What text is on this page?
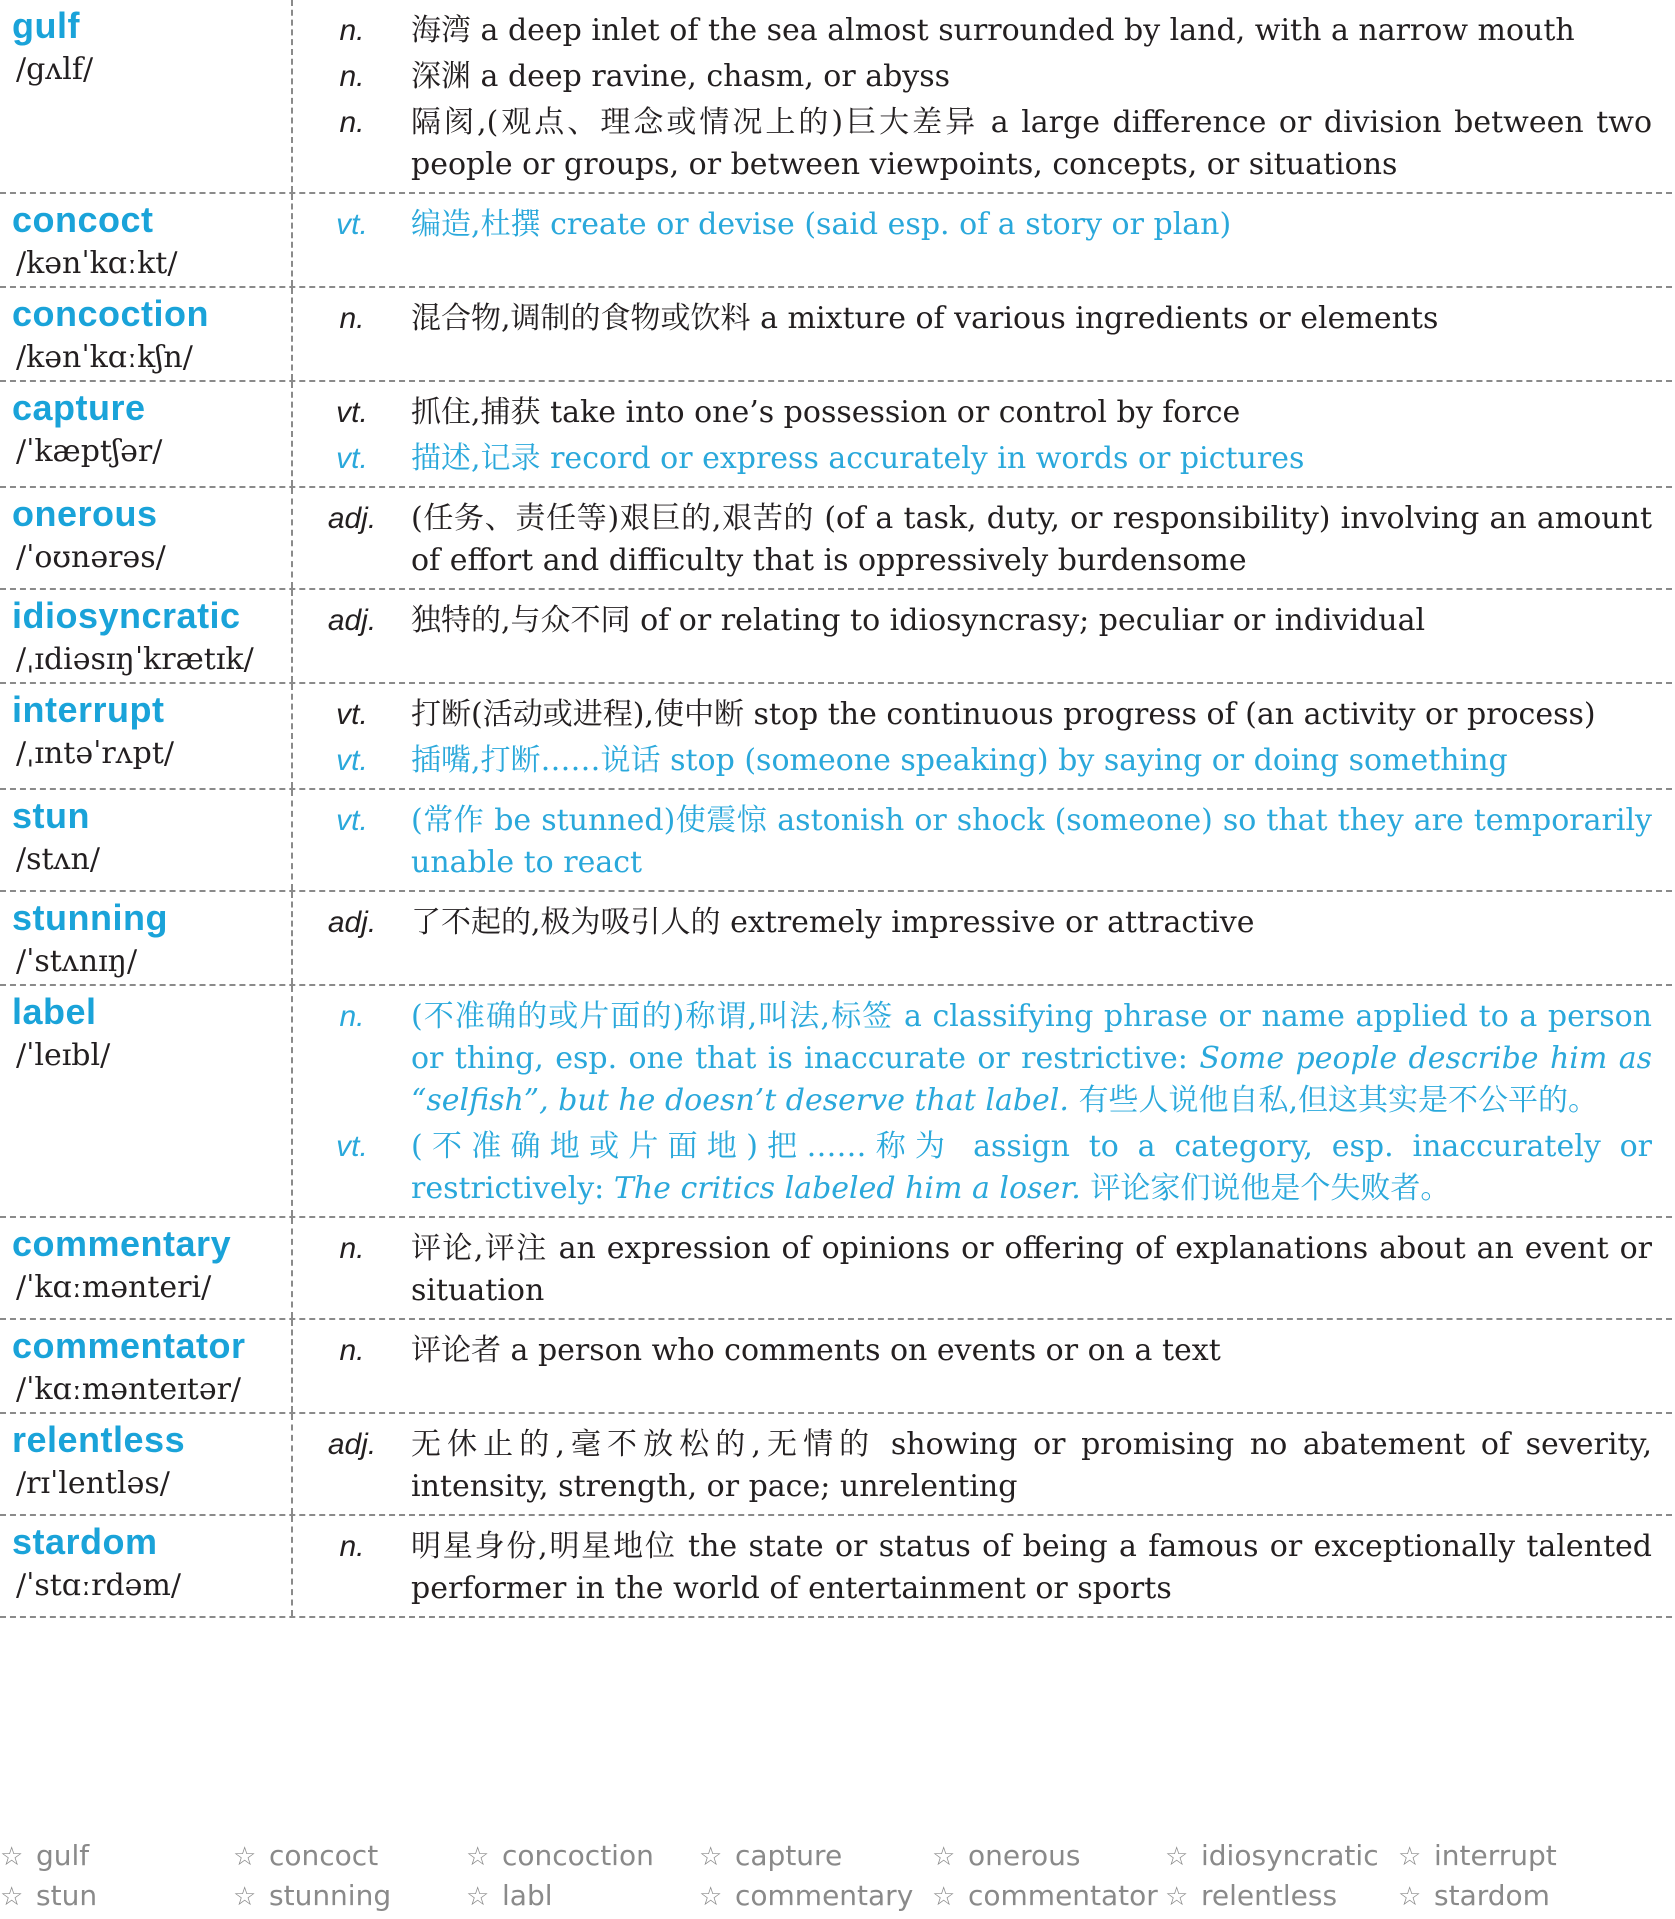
gulf
/gʌlf/
n.	海湾 a deep inlet of the sea almost surrounded by land, with a narrow mouth
n.	深渊 a deep ravine, chasm, or abyss
n.	隔阂,(观点、理念或情况上的)巨大差异 a large difference or division between two people or groups, or between viewpoints, concepts, or situations
concoct
/kənˈkɑːkt/
vt.	编造,杜撰 create or devise (said esp. of a story or plan)
concoction
/kənˈkɑːkʃn/
n.	混合物,调制的食物或饮料 a mixture of various ingredients or elements
capture
/ˈkæptʃər/
vt.	抓住,捕获 take into one’s possession or control by force
vt.	描述,记录 record or express accurately in words or pictures
onerous
/ˈoʊnərəs/
adj.	(任务、责任等)艰巨的,艰苦的 (of a task, duty, or responsibility) involving an amount of effort and difficulty that is oppressively burdensome
idiosyncratic
/ˌɪdiəsɪŋˈkrætɪk/
adj.	独特的,与众不同 of or relating to idiosyncrasy; peculiar or individual
interrupt
/ˌɪntəˈrʌpt/
vt.	打断(活动或进程),使中断 stop the continuous progress of (an activity or process)
vt.	插嘴,打断……说话 stop (someone speaking) by saying or doing something
stun
/stʌn/
vt.	(常作 be stunned)使震惊 astonish or shock (someone) so that they are temporarily unable to react
stunning
/ˈstʌnɪŋ/
adj.	了不起的,极为吸引人的 extremely impressive or attractive
label
/ˈleɪbl/
n.	(不准确的或片面的)称谓,叫法,标签 a classifying phrase or name applied to a person or thing, esp. one that is inaccurate or restrictive: Some people describe him as “selfish”, but he doesn’t deserve that label. 有些人说他自私,但这其实是不公平的。
vt.	(不准确地或片面地)把……称为 assign to a category, esp. inaccurately or restrictively: The critics labeled him a loser. 评论家们说他是个失败者。
commentary
/ˈkɑːmənteri/
n.	评论,评注 an expression of opinions or offering of explanations about an event or situation
commentator
/ˈkɑːmənteɪtər/
n.	评论者 a person who comments on events or on a text
relentless
/rɪˈlentləs/
adj.	无休止的,毫不放松的,无情的 showing or promising no abatement of severity, intensity, strength, or pace; unrelenting
stardom
/ˈstɑːrdəm/
n.	明星身份,明星地位 the state or status of being a famous or exceptionally talented performer in the world of entertainment or sports
☆ gulf	☆ concoct	☆ concoction	☆ capture	☆ onerous	☆ idiosyncratic ☆ interrupt
☆ stun	☆ stunning	☆ labl	☆ commentary ☆ commentator ☆ relentless	☆ stardom
